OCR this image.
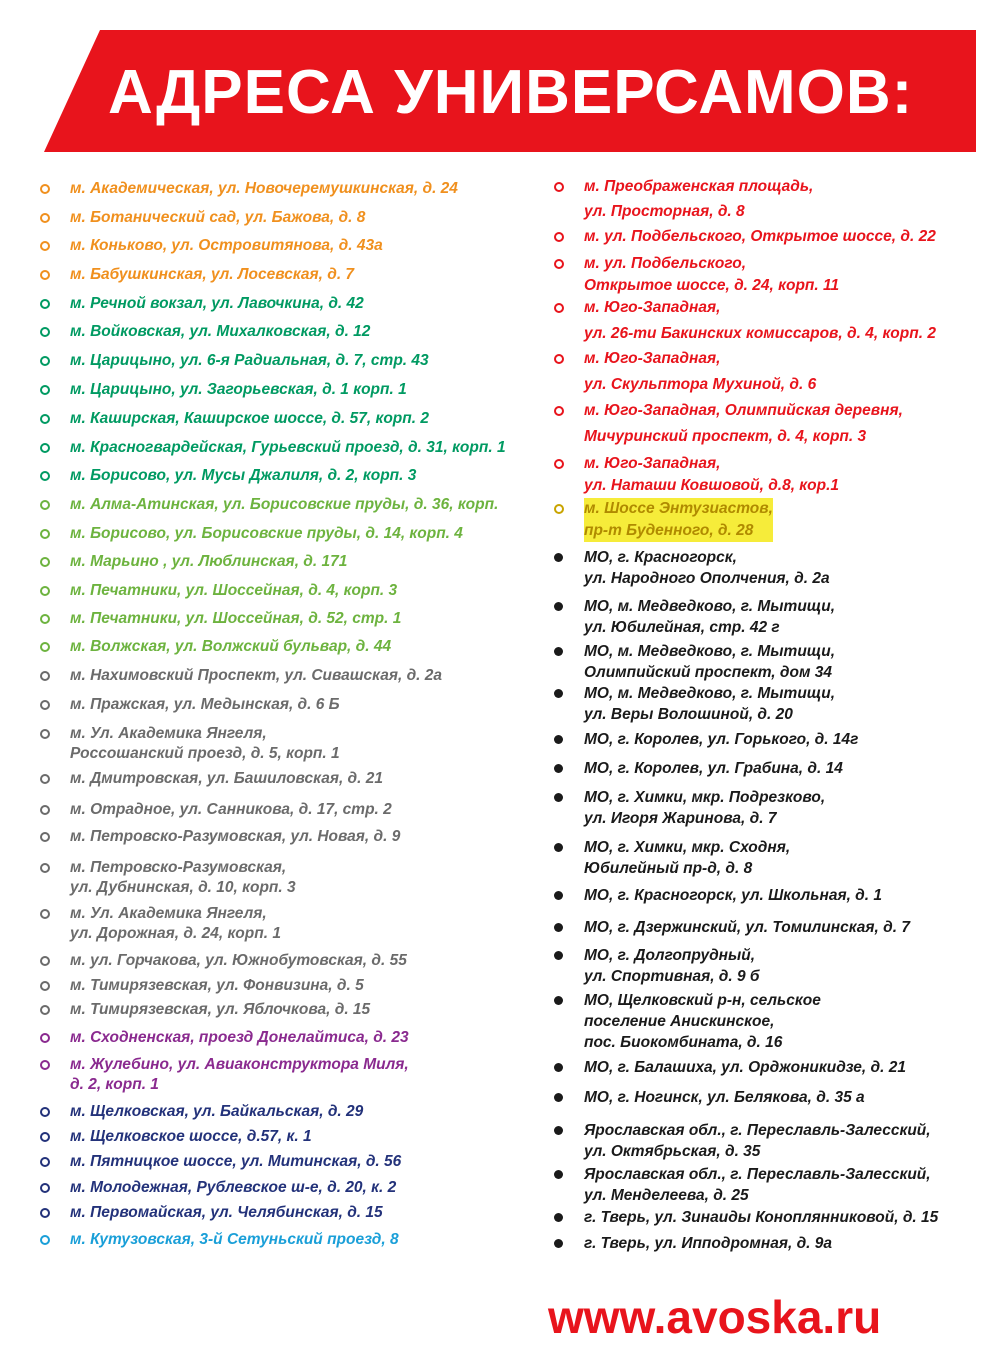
АДРЕСА УНИВЕРСАМОВ:
м. Академическая, ул. Новочеремушкинская, д. 24
м. Ботанический сад, ул. Бажова, д. 8
м. Коньково, ул. Островитянова, д. 43а
м. Бабушкинская, ул. Лосевская, д. 7
м. Речной вокзал, ул. Лавочкина, д. 42
м. Войковская, ул. Михалковская, д. 12
м. Царицыно, ул. 6-я Радиальная, д. 7, стр. 43
м. Царицыно, ул. Загорьевская, д. 1 корп. 1
м. Каширская, Каширское шоссе, д. 57, корп. 2
м. Красногвардейская, Гурьевский проезд, д. 31, корп. 1
м. Борисово, ул. Мусы Джалиля, д. 2, корп. 3
м. Алма-Атинская, ул. Борисовские пруды, д. 36, корп.
м. Борисово, ул. Борисовские пруды, д. 14, корп. 4
м. Марьино , ул. Люблинская, д. 171
м. Печатники, ул. Шоссейная, д. 4, корп. 3
м. Печатники, ул. Шоссейная, д. 52, стр. 1
м. Волжская, ул. Волжский бульвар, д. 44
м. Нахимовский Проспект, ул. Сивашская, д. 2а
м. Пражская, ул. Медынская, д. 6 Б
м. Ул. Академика Янгеля,
Россошанский проезд, д. 5, корп. 1
м. Дмитровская, ул. Башиловская, д. 21
м. Отрадное, ул. Санникова, д. 17, стр. 2
м. Петровско-Разумовская, ул. Новая, д. 9
м. Петровско-Разумовская,
ул. Дубнинская, д. 10, корп. 3
м. Ул. Академика Янгеля,
ул. Дорожная, д. 24, корп. 1
м. ул. Горчакова, ул. Южнобутовская, д. 55
м. Тимирязевская, ул. Фонвизина, д. 5
м. Тимирязевская, ул. Яблочкова, д. 15
м. Сходненская, проезд Донелайтиса, д. 23
м. Жулебино, ул. Авиаконструктора Миля,
д. 2, корп. 1
м. Щелковская, ул. Байкальская, д. 29
м. Щелковское шоссе, д.57, к. 1
м. Пятницкое шоссе, ул. Митинская, д. 56
м. Молодежная, Рублевское ш-е, д. 20, к. 2
м. Первомайская, ул. Челябинская, д. 15
м. Кутузовская, 3-й Сетуньский проезд, 8
м. Преображенская площадь,
ул. Просторная, д. 8
м. ул. Подбельского, Открытое шоссе, д. 22
м. ул. Подбельского,
Открытое шоссе, д. 24, корп. 11
м. Юго-Западная,
ул. 26-ти Бакинских комиссаров, д. 4, корп. 2
м. Юго-Западная,
ул. Скульптора Мухиной, д. 6
м. Юго-Западная, Олимпийская деревня,
Мичуринский проспект, д. 4, корп. 3
м. Юго-Западная,
ул. Наташи Ковшовой, д.8, кор.1
м. Шоссе Энтузиастов,
пр-т Буденного, д. 28
МО, г. Красногорск,
ул. Народного Ополчения, д. 2а
МО, м. Медведково, г. Мытищи,
ул. Юбилейная, стр. 42 г
МО, м. Медведково, г. Мытищи,
Олимпийский проспект, дом 34
МО, м. Медведково, г. Мытищи,
ул. Веры Волошиной, д. 20
МО, г. Королев, ул. Горького, д. 14г
МО, г. Королев, ул. Грабина, д. 14
МО, г. Химки, мкр. Подрезково,
ул. Игоря Жаринова, д. 7
МО, г. Химки, мкр. Сходня,
Юбилейный пр-д, д. 8
МО, г. Красногорск, ул. Школьная, д. 1
МО, г. Дзержинский, ул. Томилинская, д. 7
МО, г. Долгопрудный,
ул. Спортивная, д. 9 б
МО, Щелковский р-н, сельское
поселение Анискинское,
пос. Биокомбината, д. 16
МО, г. Балашиха, ул. Орджоникидзе, д. 21
МО, г. Ногинск, ул. Белякова, д. 35 а
Ярославская обл., г. Переславль-Залесский,
ул. Октябрьская, д. 35
Ярославская обл., г. Переславль-Залесский,
ул. Менделеева, д. 25
г. Тверь, ул. Зинаиды Коноплянниковой, д. 15
г. Тверь, ул. Ипподромная, д. 9а
www.avoska.ru
